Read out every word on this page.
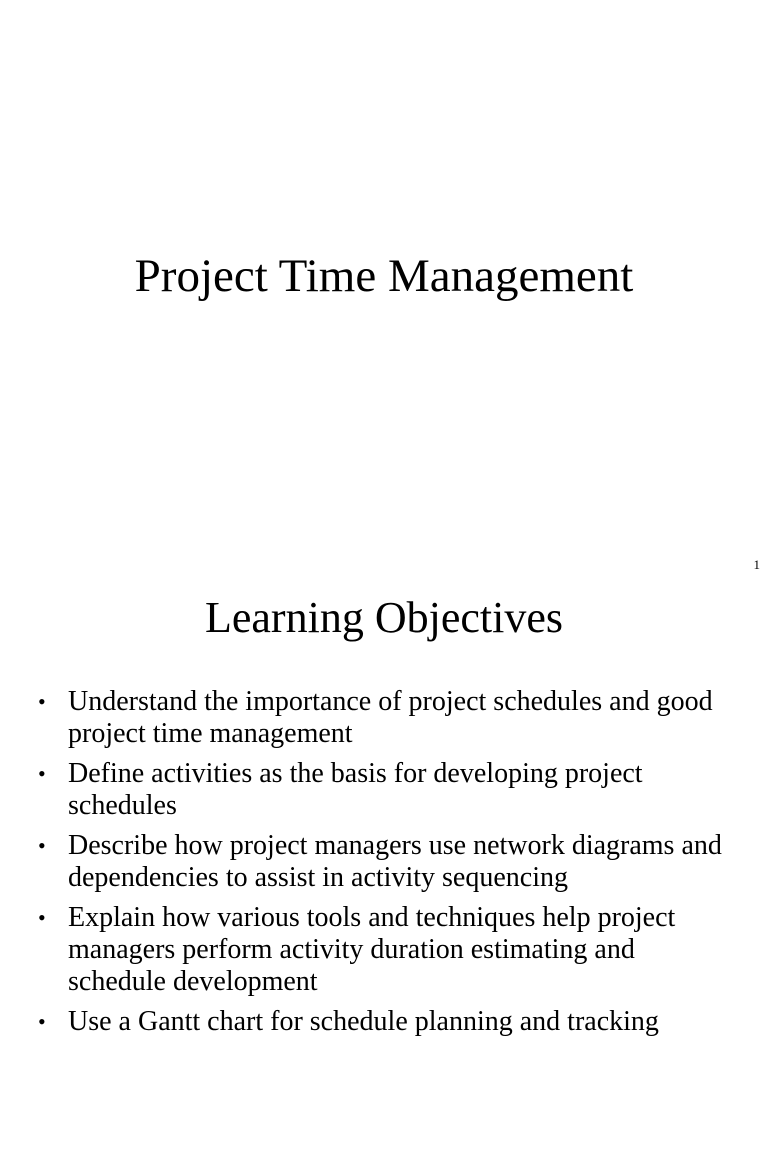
Project Time Management
1
Learning Objectives
• Understand the importance of project schedules and good project time management
• Define activities as the basis for developing project schedules
• Describe how project managers use network diagrams and dependencies to assist in activity sequencing
• Explain how various tools and techniques help project managers perform activity duration estimating and schedule development
• Use a Gantt chart for schedule planning and tracking
